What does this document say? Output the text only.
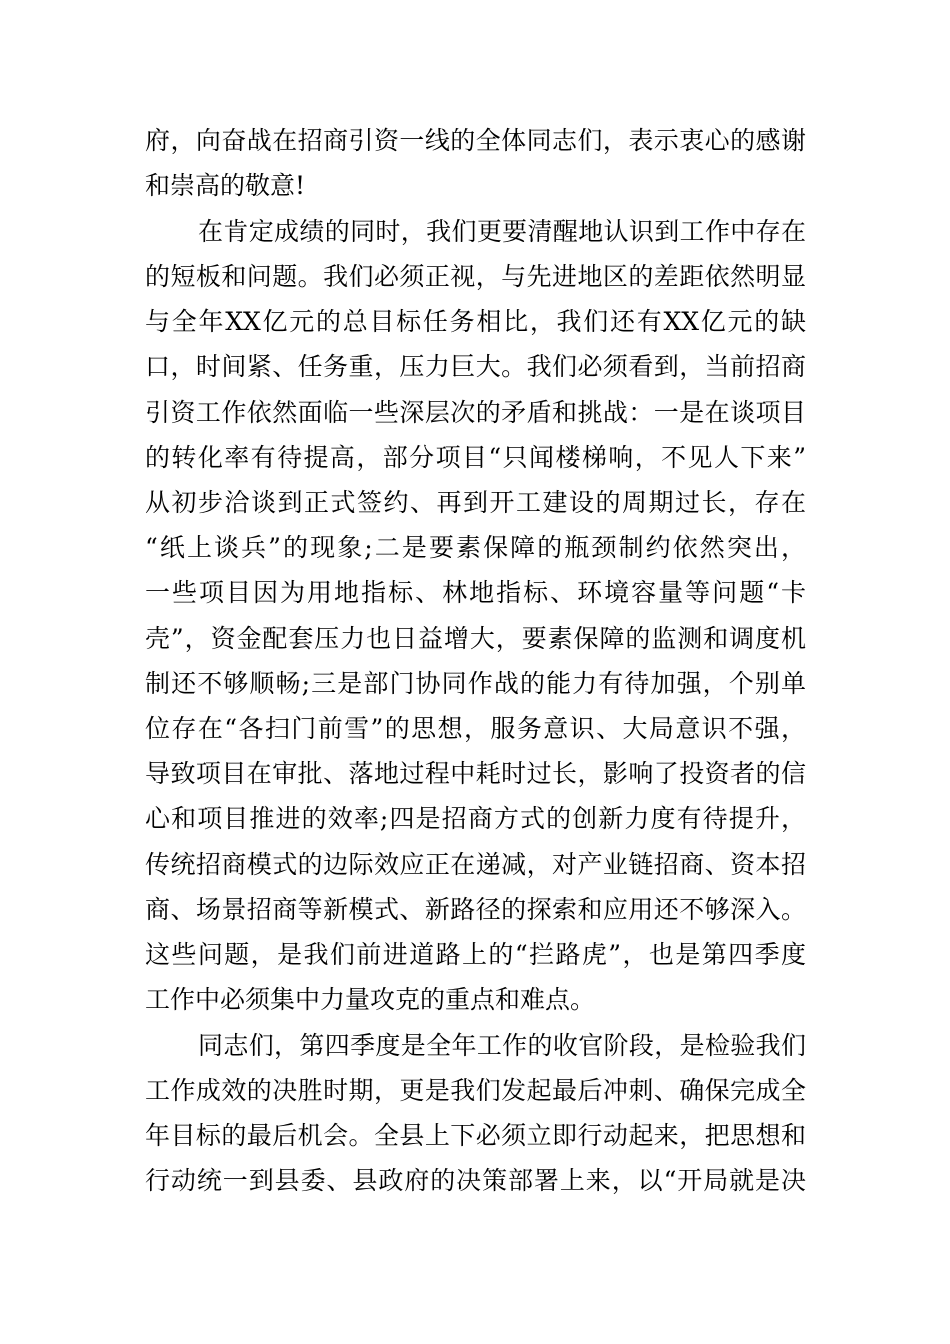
府，向奋战在招商引资一线的全体同志们，表示衷心的感谢
和崇高的敬意!
在肯定成绩的同时，我们更要清醒地认识到工作中存在
的短板和问题。我们必须正视，与先进地区的差距依然明显
与全年XX亿元的总目标任务相比，我们还有XX亿元的缺
口，时间紧、任务重，压力巨大。我们必须看到，当前招商
引资工作依然面临一些深层次的矛盾和挑战：一是在谈项目
的转化率有待提高，部分项目“只闻楼梯响，不见人下来”
从初步洽谈到正式签约、再到开工建设的周期过长，存在
“纸上谈兵”的现象;二是要素保障的瓶颈制约依然突出，
一些项目因为用地指标、林地指标、环境容量等问题“卡
壳”，资金配套压力也日益增大，要素保障的监测和调度机
制还不够顺畅;三是部门协同作战的能力有待加强，个别单
位存在“各扫门前雪”的思想，服务意识、大局意识不强，
导致项目在审批、落地过程中耗时过长，影响了投资者的信
心和项目推进的效率;四是招商方式的创新力度有待提升，
传统招商模式的边际效应正在递减，对产业链招商、资本招
商、场景招商等新模式、新路径的探索和应用还不够深入。
这些问题，是我们前进道路上的“拦路虎”，也是第四季度
工作中必须集中力量攻克的重点和难点。
同志们，第四季度是全年工作的收官阶段，是检验我们
工作成效的决胜时期，更是我们发起最后冲刺、确保完成全
年目标的最后机会。全县上下必须立即行动起来，把思想和
行动统一到县委、县政府的决策部署上来，以“开局就是决
